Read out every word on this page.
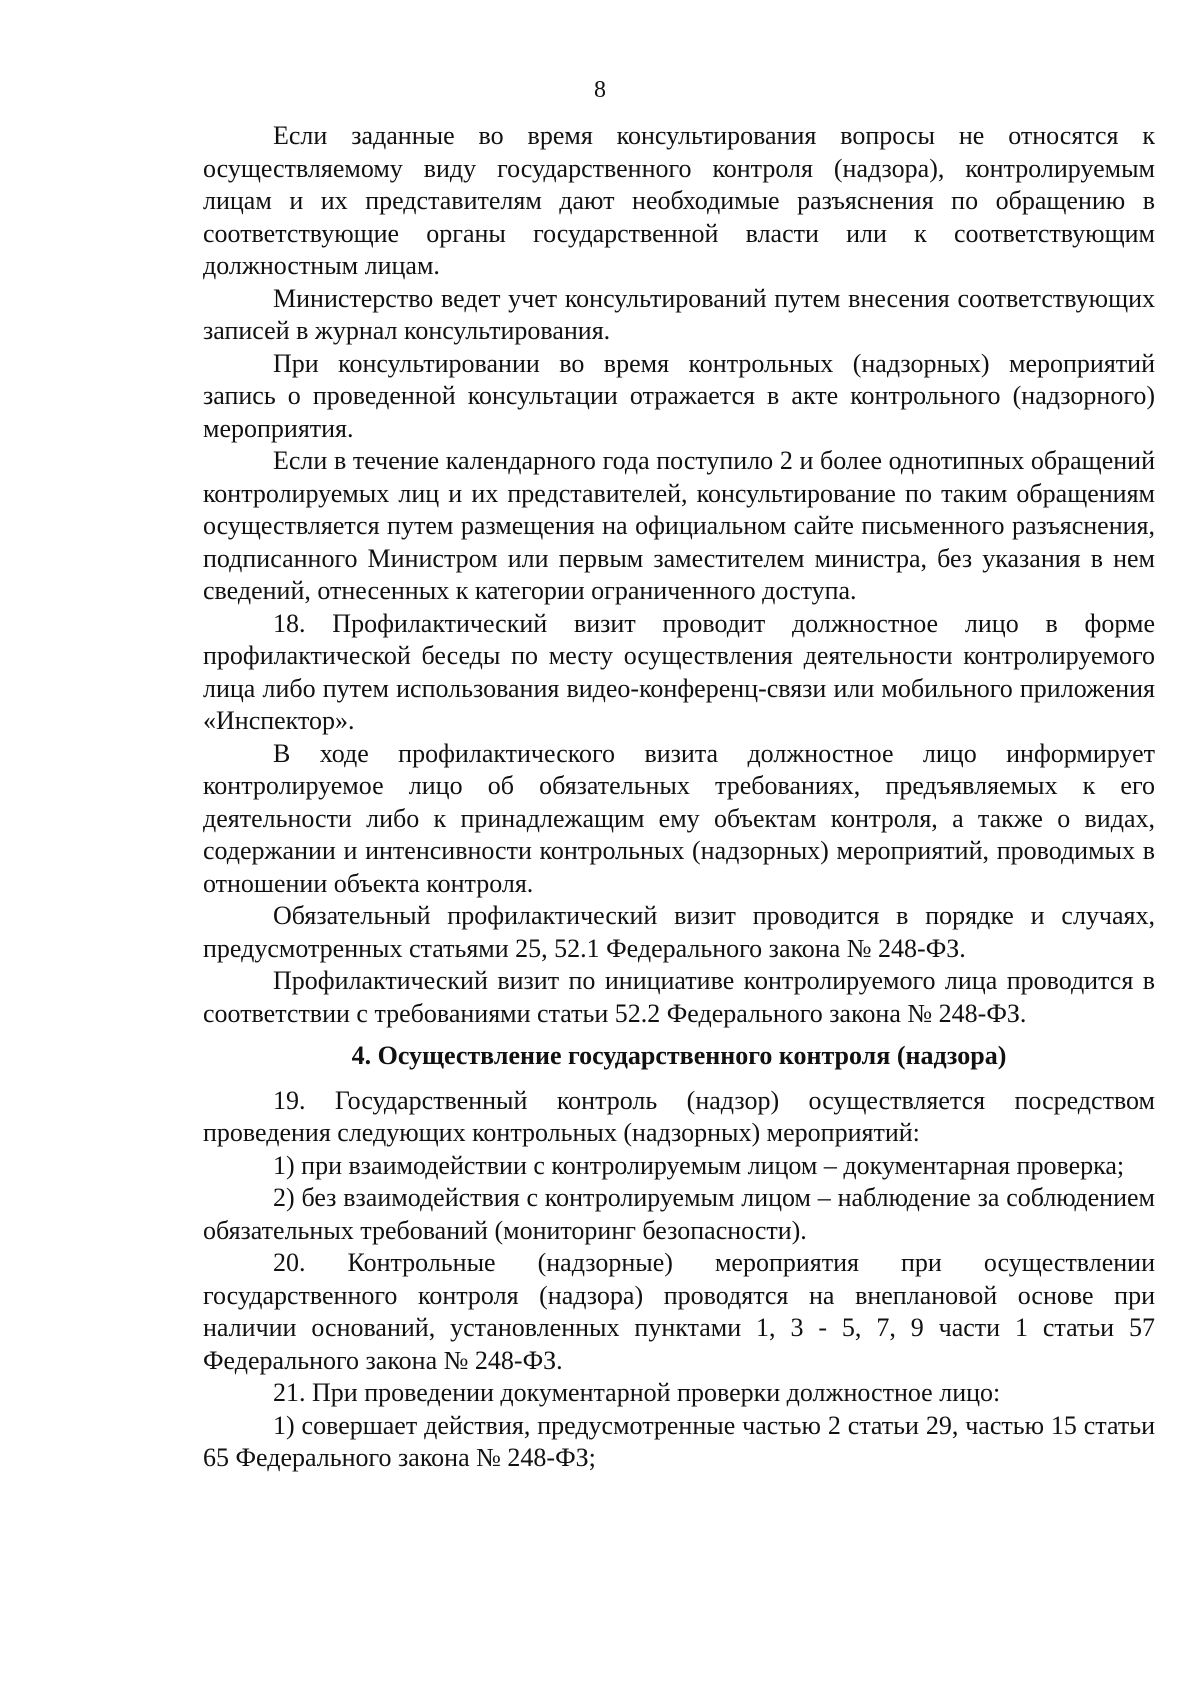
8

Если заданные во время консультирования вопросы не относятся к осуществляемому виду государственного контроля (надзора), контролируемым лицам и их представителям дают необходимые разъяснения по обращению в соответствующие органы государственной власти или к соответствующим должностным лицам.

Министерство ведет учет консультирований путем внесения соответствующих записей в журнал консультирования.

При консультировании во время контрольных (надзорных) мероприятий запись о проведенной консультации отражается в акте контрольного (надзорного) мероприятия.

Если в течение календарного года поступило 2 и более однотипных обращений контролируемых лиц и их представителей, консультирование по таким обращениям осуществляется путем размещения на официальном сайте письменного разъяснения, подписанного Министром или первым заместителем министра, без указания в нем сведений, отнесенных к категории ограниченного доступа.

18. Профилактический визит проводит должностное лицо в форме профилактической беседы по месту осуществления деятельности контролируемого лица либо путем использования видео-конференц-связи или мобильного приложения «Инспектор».

В ходе профилактического визита должностное лицо информирует контролируемое лицо об обязательных требованиях, предъявляемых к его деятельности либо к принадлежащим ему объектам контроля, а также о видах, содержании и интенсивности контрольных (надзорных) мероприятий, проводимых в отношении объекта контроля.

Обязательный профилактический визит проводится в порядке и случаях, предусмотренных статьями 25, 52.1 Федерального закона № 248-ФЗ.

Профилактический визит по инициативе контролируемого лица проводится в соответствии с требованиями статьи 52.2 Федерального закона № 248-ФЗ.

4. Осуществление государственного контроля (надзора)

19. Государственный контроль (надзор) осуществляется посредством проведения следующих контрольных (надзорных) мероприятий:

1) при взаимодействии с контролируемым лицом – документарная проверка;

2) без взаимодействия с контролируемым лицом – наблюдение за соблюдением обязательных требований (мониторинг безопасности).

20. Контрольные (надзорные) мероприятия при осуществлении государственного контроля (надзора) проводятся на внеплановой основе при наличии оснований, установленных пунктами 1, 3 - 5, 7, 9 части 1 статьи 57 Федерального закона № 248-ФЗ.

21. При проведении документарной проверки должностное лицо:

1) совершает действия, предусмотренные частью 2 статьи 29, частью 15 статьи 65 Федерального закона № 248-ФЗ;
